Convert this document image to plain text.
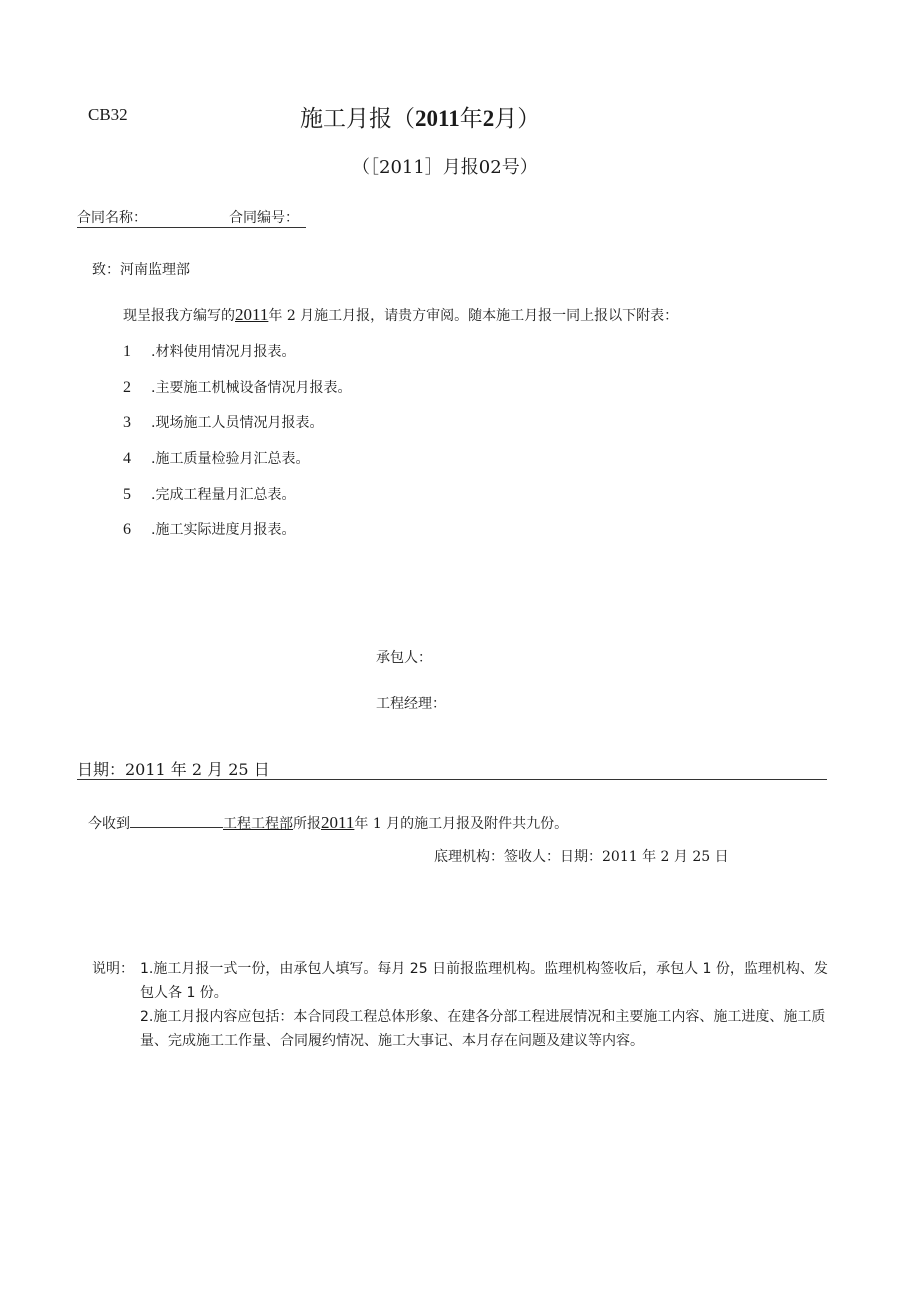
CB32	施工月报（2011年2月）
（［2011］月报02号）
合同名称：	合同编号：
致：河南监理部
现呈报我方编写的2011年 2 月施工月报，请贵方审阅。随本施工月报一同上报以下附表：
1 .材料使用情况月报表。
2 .主要施工机械设备情况月报表。
3 .现场施工人员情况月报表。
4 .施工质量检验月汇总表。
5 .完成工程量月汇总表。
6 .施工实际进度月报表。
承包人：
工程经理：
日期：2011 年 2 月 25 日
今收到	工程工程部所报2011年 1 月的施工月报及附件共九份。
底理机构：签收人：日期：2011 年 2 月 25 日
说明： 1.施工月报一式一份，由承包人填写。每月 25 日前报监理机构。监理机构签收后，承包人 1 份，监理机构、发包人各 1 份。
2.施工月报内容应包括：本合同段工程总体形象、在建各分部工程进展情况和主要施工内容、施工进度、施工质量、完成施工工作量、合同履约情况、施工大事记、本月存在问题及建议等内容。
